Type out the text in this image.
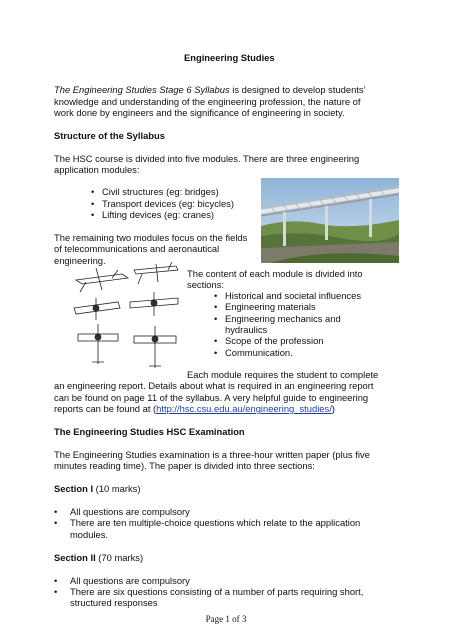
Engineering Studies

The Engineering Studies Stage 6 Syllabus is designed to develop students’

knowledge and understanding of the engineering profession, the nature of

work done by engineers and the significance of engineering in society.

Structure of the Syllabus

The HSC course is divided into five modules. There are three engineering

application modules:

• Civil structures (eg: bridges)
• Transport devices (eg: bicycles)
• Lifting devices (eg: cranes)

The remaining two modules focus on the fields

of telecommunications and aeronautical

engineering.

The content of each module is divided into

sections:

• Historical and societal influences
• Engineering materials
• Engineering mechanics and

hydraulics

• Scope of the profession
• Communication.

Each module requires the student to complete

an engineering report. Details about what is required in an engineering report

can be found on page 11 of the syllabus. A very helpful guide to engineering

reports can be found at (http://hsc.csu.edu.au/engineering_studies/)

The Engineering Studies HSC Examination

The Engineering Studies examination is a three-hour written paper (plus five

minutes reading time). The paper is divided into three sections:

Section I (10 marks)

• All questions are compulsory
• There are ten multiple-choice questions which relate to the application

modules.

Section II (70 marks)

• All questions are compulsory
• There are six questions consisting of a number of parts requiring short,

structured responses

Page 1 of 3
